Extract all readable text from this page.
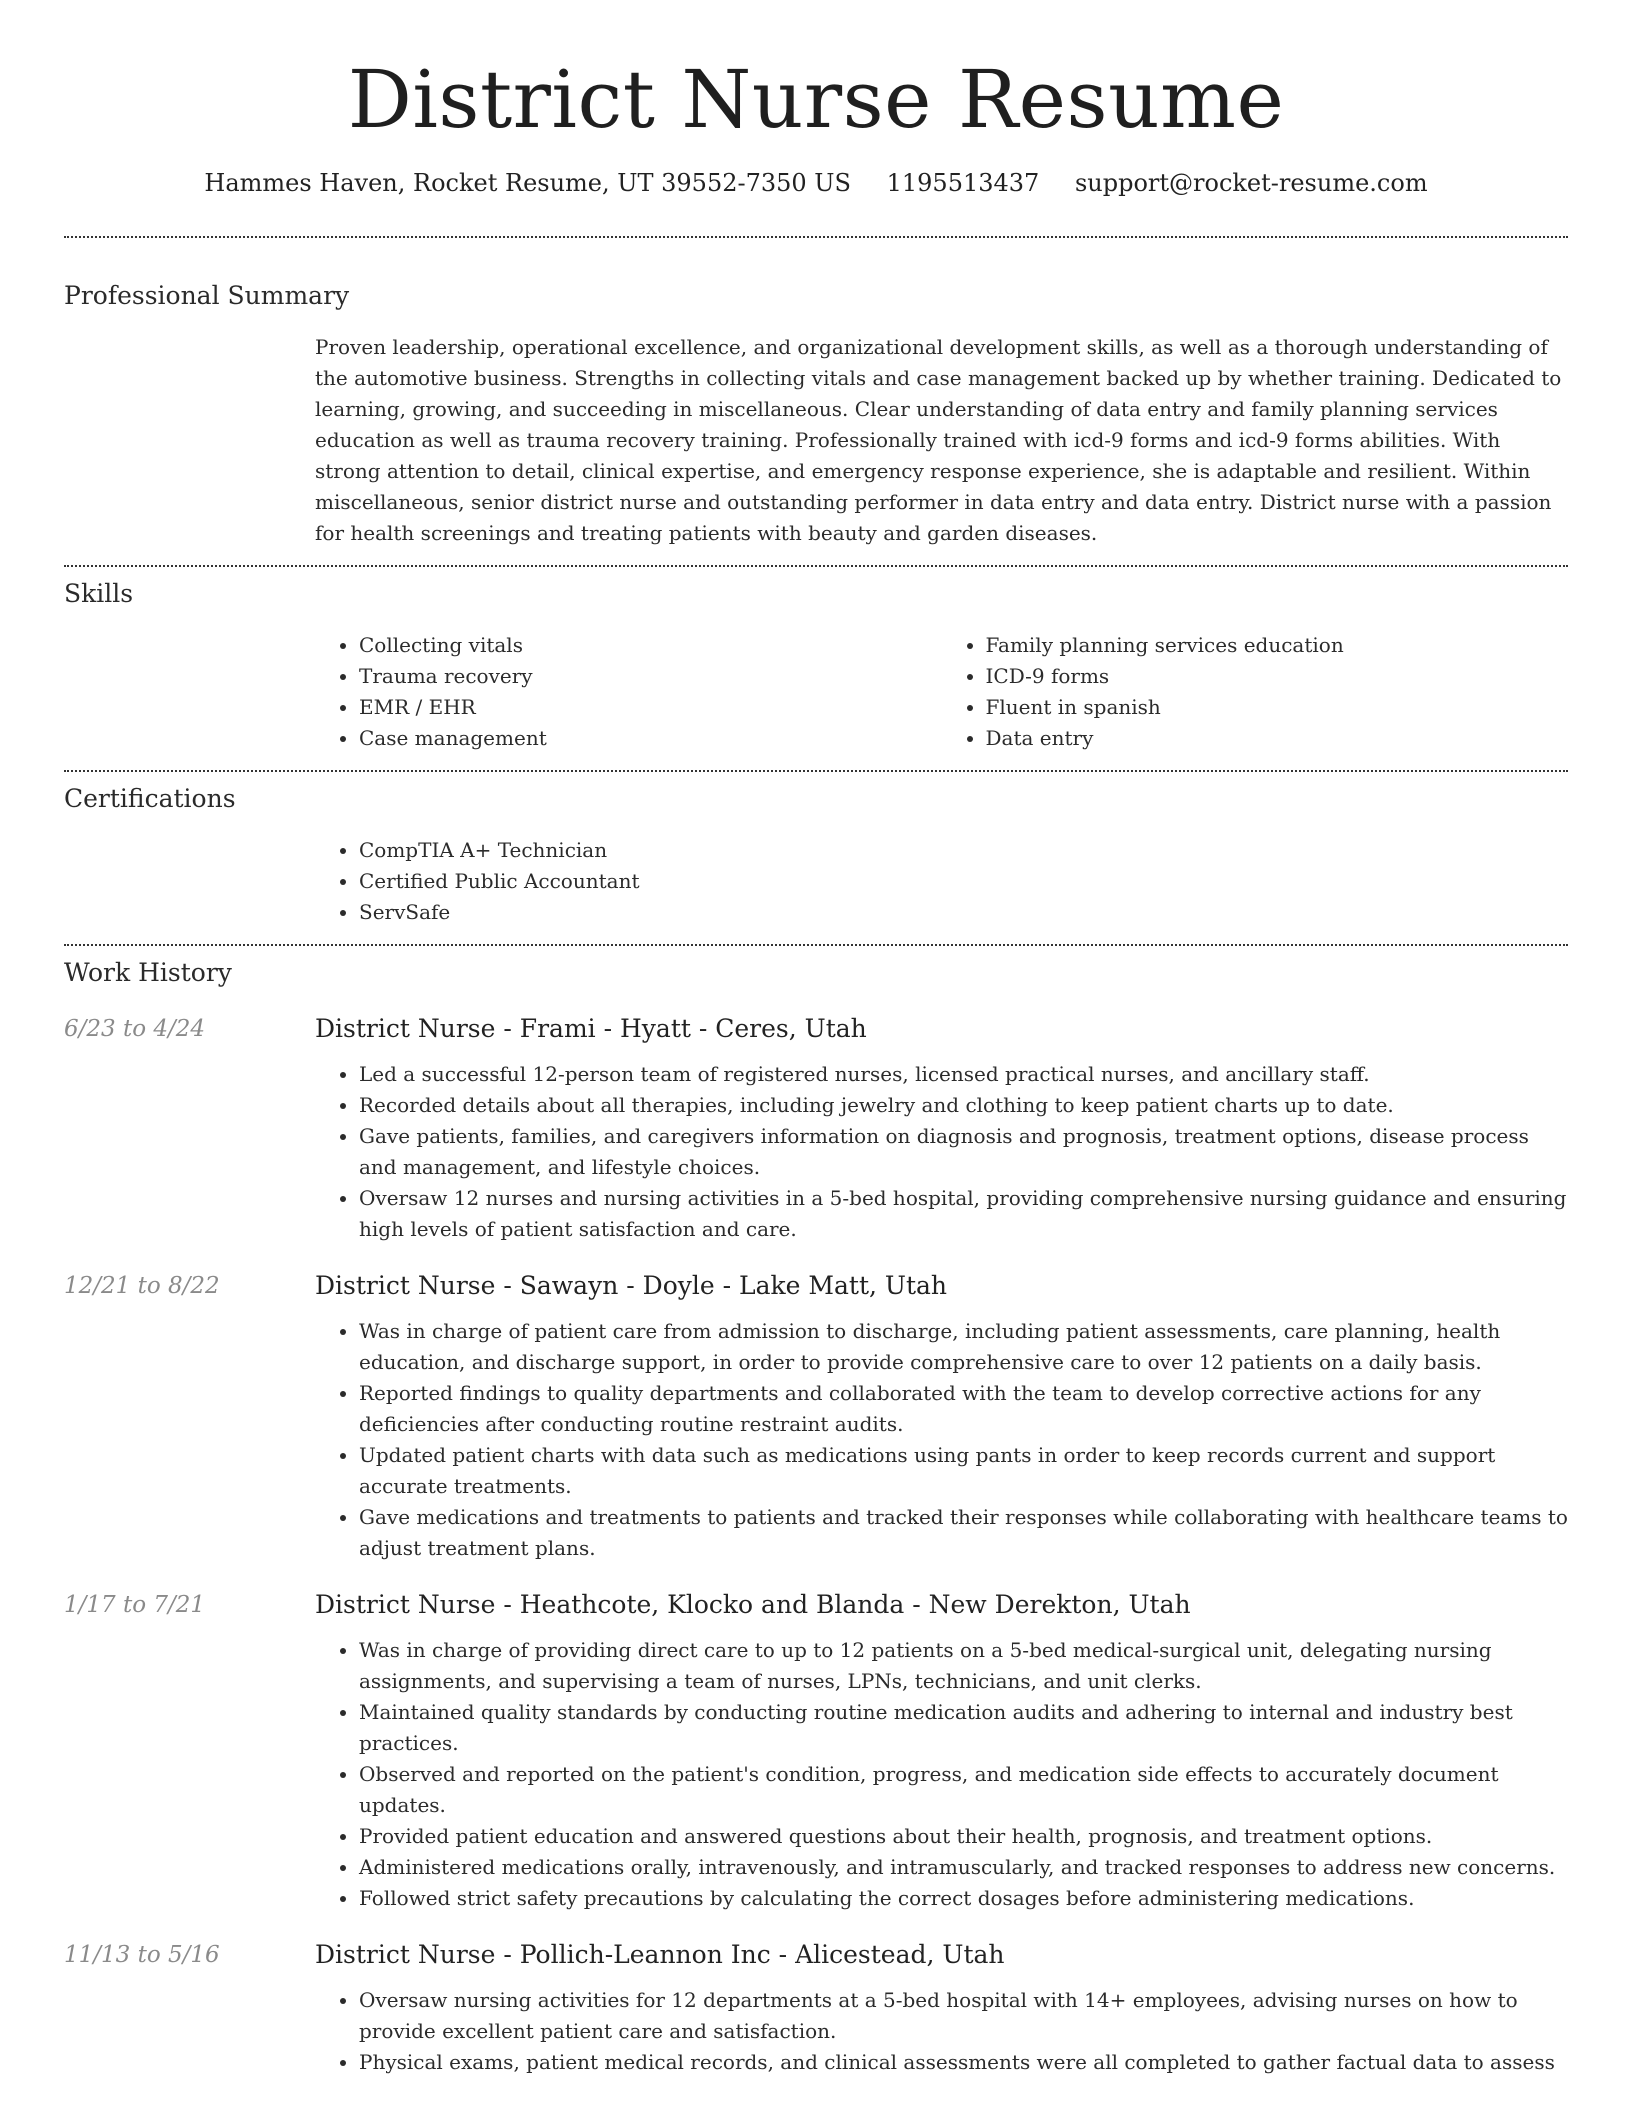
District Nurse Resume
Hammes Haven, Rocket Resume, UT 39552-7350 US 1195513437 support@rocket-resume.com
Professional Summary

Proven leadership, operational excellence, and organizational development skills, as well as a thorough understanding of the automotive business. Strengths in collecting vitals and case management backed up by whether training. Dedicated to learning, growing, and succeeding in miscellaneous. Clear understanding of data entry and family planning services education as well as trauma recovery training. Professionally trained with icd-9 forms and icd-9 forms abilities. With strong attention to detail, clinical expertise, and emergency response experience, she is adaptable and resilient. Within miscellaneous, senior district nurse and outstanding performer in data entry and data entry. District nurse with a passion for health screenings and treating patients with beauty and garden diseases.

Skills
• Collecting vitals
• Trauma recovery
• EMR / EHR
• Case management
• Family planning services education
• ICD-9 forms
• Fluent in spanish
• Data entry
Certifications
• CompTIA A+ Technician
• Certified Public Accountant
• ServSafe
Work History
6/23 to 4/24	District Nurse - Frami - Hyatt - Ceres, Utah
• Led a successful 12-person team of registered nurses, licensed practical nurses, and ancillary staff.
• Recorded details about all therapies, including jewelry and clothing to keep patient charts up to date.
• Gave patients, families, and caregivers information on diagnosis and prognosis, treatment options, disease process and management, and lifestyle choices.
• Oversaw 12 nurses and nursing activities in a 5-bed hospital, providing comprehensive nursing guidance and ensuring high levels of patient satisfaction and care.
12/21 to 8/22	District Nurse - Sawayn - Doyle - Lake Matt, Utah
• Was in charge of patient care from admission to discharge, including patient assessments, care planning, health education, and discharge support, in order to provide comprehensive care to over 12 patients on a daily basis.
• Reported findings to quality departments and collaborated with the team to develop corrective actions for any deficiencies after conducting routine restraint audits.
• Updated patient charts with data such as medications using pants in order to keep records current and support accurate treatments.
• Gave medications and treatments to patients and tracked their responses while collaborating with healthcare teams to adjust treatment plans.
1/17 to 7/21	District Nurse - Heathcote, Klocko and Blanda - New Derekton, Utah
• Was in charge of providing direct care to up to 12 patients on a 5-bed medical-surgical unit, delegating nursing assignments, and supervising a team of nurses, LPNs, technicians, and unit clerks.
• Maintained quality standards by conducting routine medication audits and adhering to internal and industry best practices.
• Observed and reported on the patient's condition, progress, and medication side effects to accurately document updates.
• Provided patient education and answered questions about their health, prognosis, and treatment options.
• Administered medications orally, intravenously, and intramuscularly, and tracked responses to address new concerns.
• Followed strict safety precautions by calculating the correct dosages before administering medications.
11/13 to 5/16	District Nurse - Pollich-Leannon Inc - Alicestead, Utah
• Oversaw nursing activities for 12 departments at a 5-bed hospital with 14+ employees, advising nurses on how to provide excellent patient care and satisfaction.
• Physical exams, patient medical records, and clinical assessments were all completed to gather factual data to assess
